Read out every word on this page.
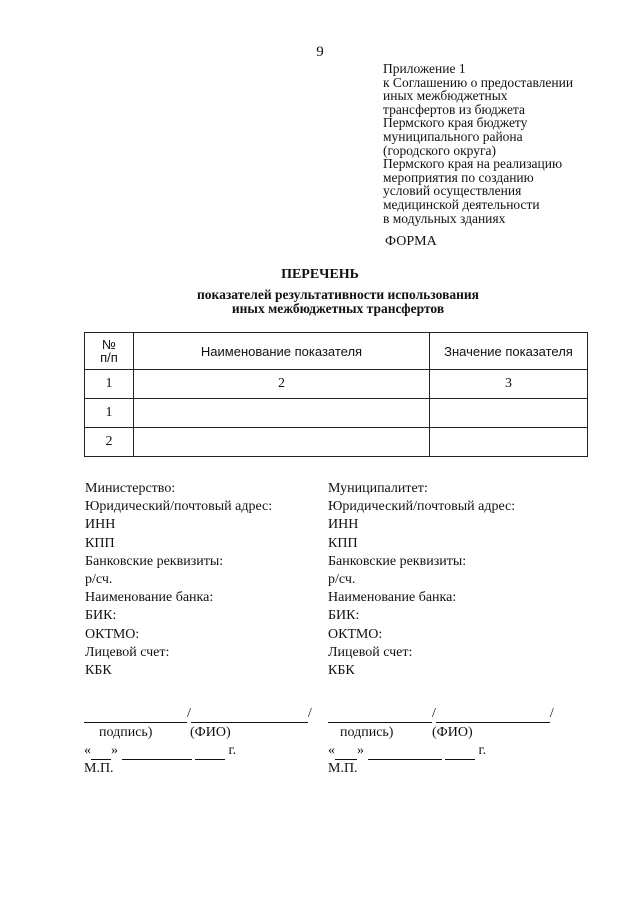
9
Приложение 1
к Соглашению о предоставлении
иных межбюджетных
трансфертов из бюджета
Пермского края бюджету
муниципального района
(городского округа)
Пермского края на реализацию
мероприятия по созданию
условий осуществления
медицинской деятельности
в модульных зданиях
ФОРМА
ПЕРЕЧЕНЬ
показателей результативности использования
иных межбюджетных трансфертов
№
п/п	Наименование показателя	Значение показателя
1	2	3
1		
2		
Министерство:
Юридический/почтовый адрес:
ИНН
КПП
Банковские реквизиты:
р/сч.
Наименование банка:
БИК:
ОКТМО:
Лицевой счет:
КБК
Муниципалитет:
Юридический/почтовый адрес:
ИНН
КПП
Банковские реквизиты:
р/сч.
Наименование банка:
БИК:
ОКТМО:
Лицевой счет:
КБК
/	/
подпись)	(ФИО)
« »	г.
М.П.
/	/
подпись)	(ФИО)
« »	г.
М.П.
